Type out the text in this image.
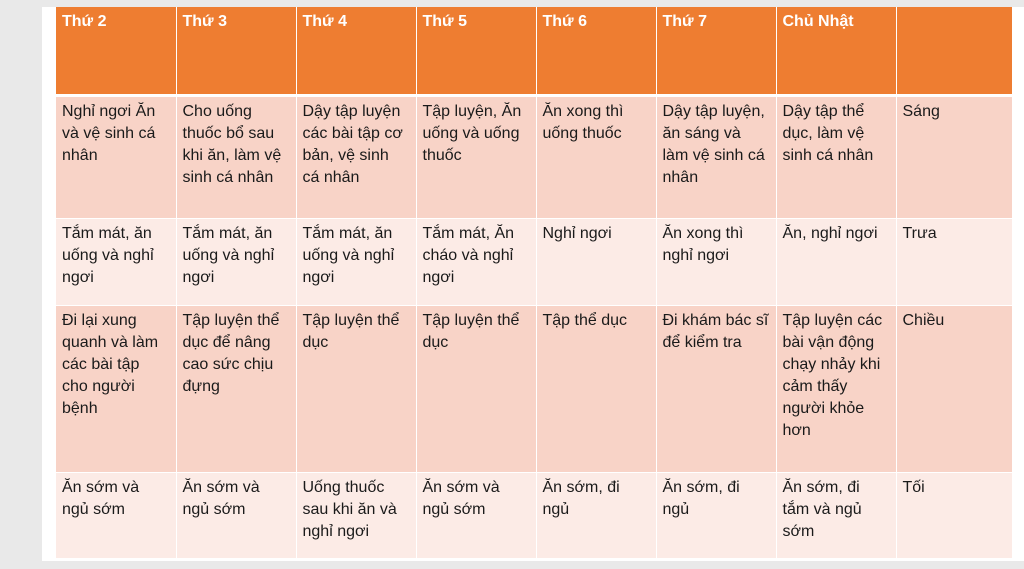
Thứ 2	Thứ 3	Thứ 4	Thứ 5	Thứ 6	Thứ 7	Chủ Nhật	
Nghỉ ngơi Ăn và vệ sinh cá nhân	Cho uống thuốc bổ sau khi ăn, làm vệ sinh cá nhân	Dậy tập luyện các bài tập cơ bản, vệ sinh cá nhân	Tập luyện, Ăn uống và uống thuốc	Ăn xong thì uống thuốc	Dậy tập luyện, ăn sáng và làm vệ sinh cá nhân	Dậy tập thể dục, làm vệ sinh cá nhân	Sáng
Tắm mát, ăn uống và nghỉ ngơi	Tắm mát, ăn uống và nghỉ ngơi	Tắm mát, ăn uống và nghỉ ngơi	Tắm mát, Ăn cháo và nghỉ ngơi	Nghỉ ngơi	Ăn xong thì nghỉ ngơi	Ăn, nghỉ ngơi	Trưa
Đi lại xung quanh và làm các bài tập cho người bệnh	Tập luyện thể dục để nâng cao sức chịu đựng	Tập luyện thể dục	Tập luyện thể dục	Tập thể dục	Đi khám bác sĩ để kiểm tra	Tập luyện các bài vận động chạy nhảy khi cảm thấy người khỏe hơn	Chiều
Ăn sớm và ngủ sớm	Ăn sớm và ngủ sớm	Uống thuốc sau khi ăn và nghỉ ngơi	Ăn sớm và ngủ sớm	Ăn sớm, đi ngủ	Ăn sớm, đi ngủ	Ăn sớm, đi tắm và ngủ sớm	Tối
